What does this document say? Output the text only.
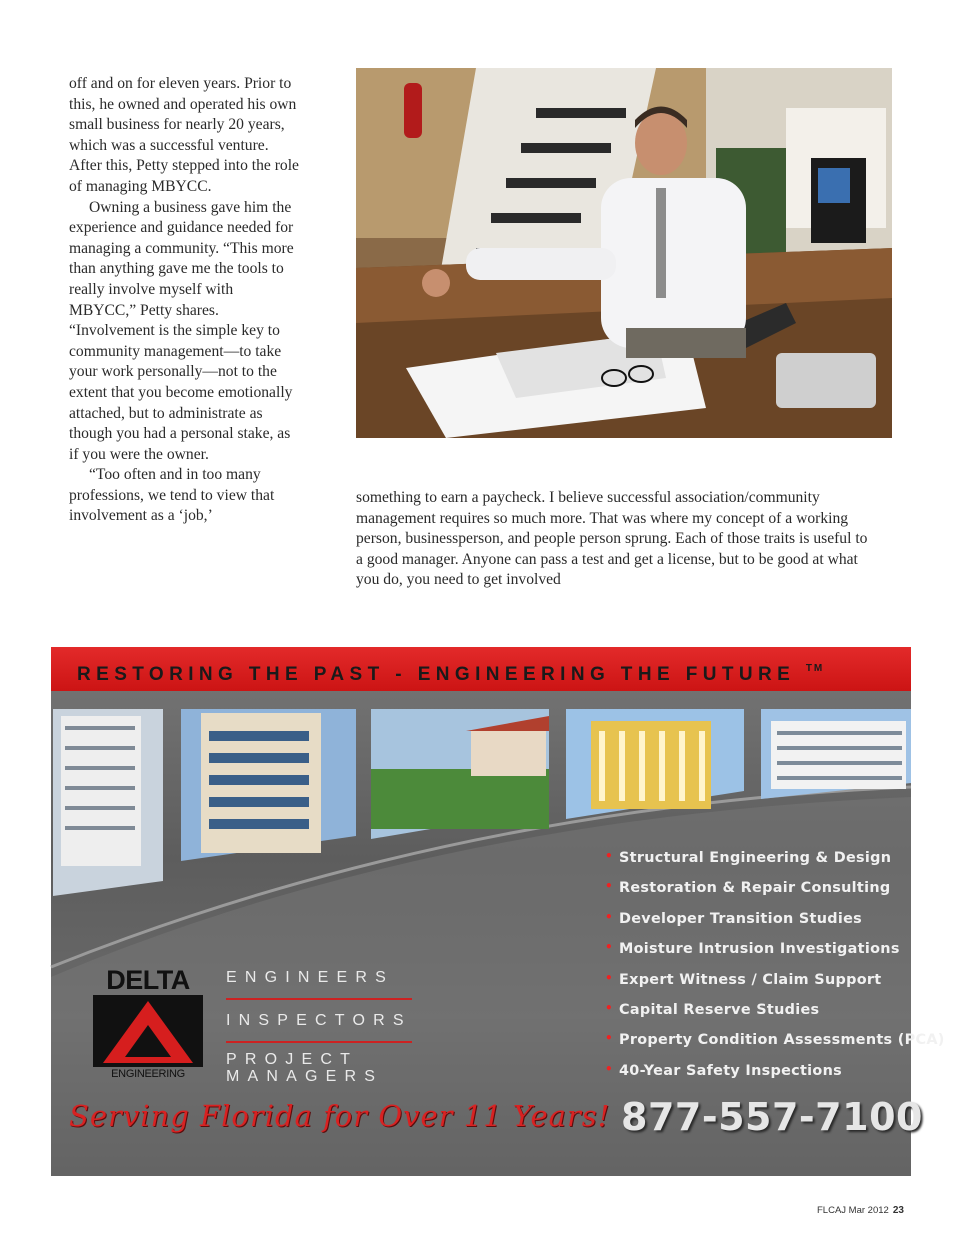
off and on for eleven years. Prior to this, he owned and operated his own small business for nearly 20 years, which was a successful venture. After this, Petty stepped into the role of managing MBYCC.

Owning a business gave him the experience and guidance needed for managing a community. “This more than anything gave me the tools to really involve myself with MBYCC,” Petty shares. “Involvement is the simple key to community management—to take your work personally—not to the extent that you become emotionally attached, but to administrate as though you had a personal stake, as if you were the owner.

“Too often and in too many professions, we tend to view that involvement as a ‘job,’

something to earn a paycheck. I believe successful association/community management requires so much more. That was where my concept of a working person, businessperson, and people person sprung. Each of those traits is useful to a good manager. Anyone can pass a test and get a license, but to be good at what you do, you need to get involved

RESTORING THE PAST - ENGINEERING THE FUTURE ™
• Structural Engineering & Design
• Restoration & Repair Consulting
• Developer Transition Studies
• Moisture Intrusion Investigations
• Expert Witness / Claim Support
• Capital Reserve Studies
• Property Condition Assessments (PCA)
• 40-Year Safety Inspections
DELTA
ENGINEERING
ENGINEERS
INSPECTORS
PROJECT
MANAGERS
Serving Florida for Over 11 Years! 877-557-7100
FLCAJ Mar 2012 23
